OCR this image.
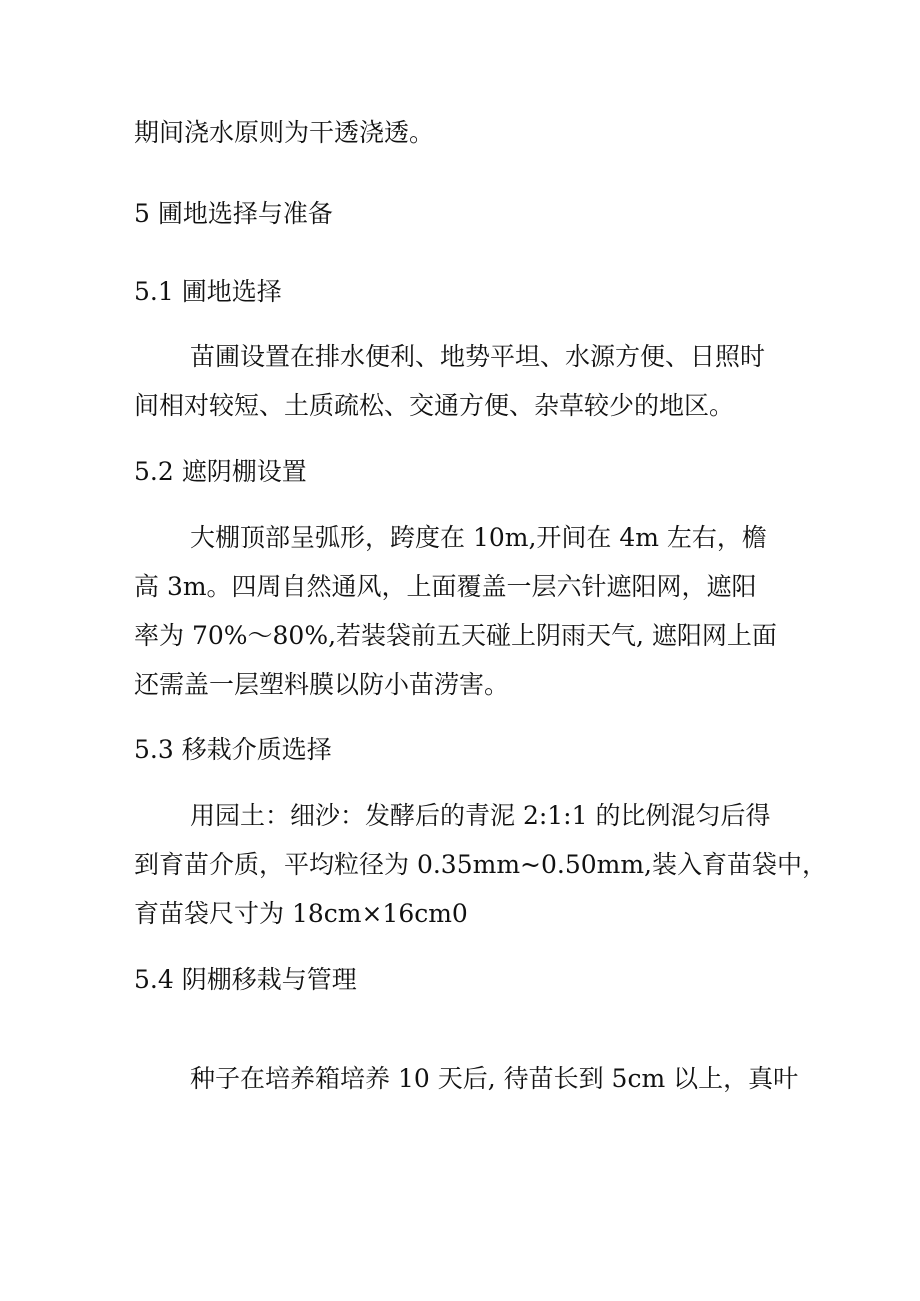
期间浇水原则为干透浇透。
5 圃地选择与准备
5.1 圃地选择
苗圃设置在排水便利、地势平坦、水源方便、日照时
间相对较短、土质疏松、交通方便、杂草较少的地区。
5.2 遮阴棚设置
大棚顶部呈弧形，跨度在 10m,开间在 4m 左右，檐
高 3m。四周自然通风，上面覆盖一层六针遮阳网，遮阳
率为 70%～80%,若装袋前五天碰上阴雨天气, 遮阳网上面
还需盖一层塑料膜以防小苗涝害。
5.3 移栽介质选择
用园土：细沙：发酵后的青泥 2:1:1 的比例混匀后得
到育苗介质，平均粒径为 0.35mm~0.50mm,装入育苗袋中，
育苗袋尺寸为 18cm×16cm0
5.4 阴棚移栽与管理
种子在培养箱培养 10 天后, 待苗长到 5cm 以上，真叶
